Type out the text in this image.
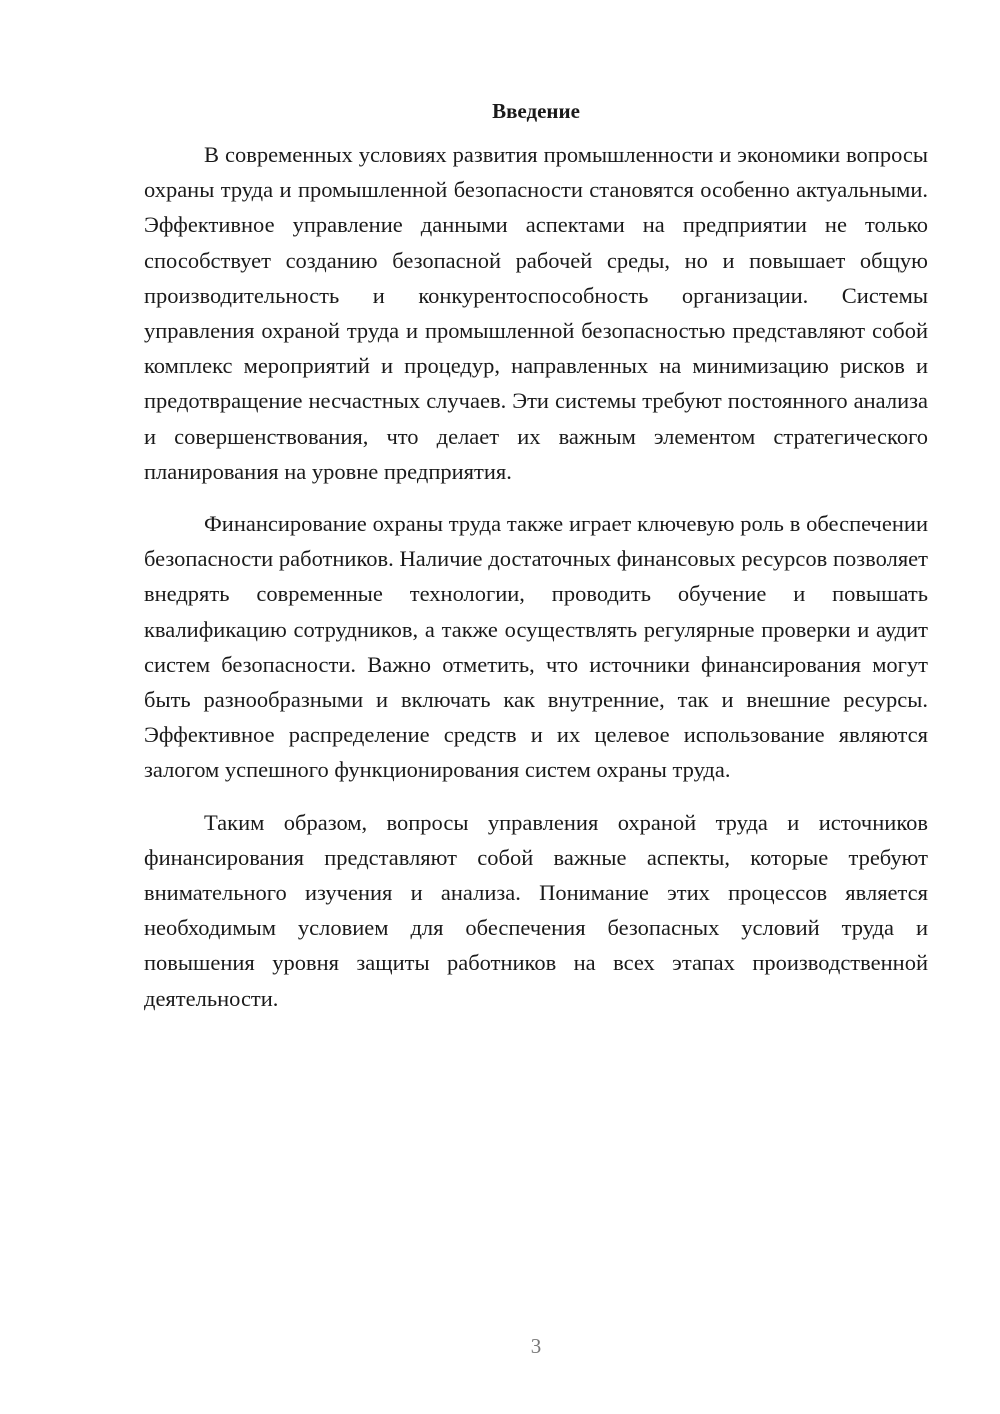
Введение

В современных условиях развития промышленности и экономики вопросы охраны труда и промышленной безопасности становятся особенно актуальными. Эффективное управление данными аспектами на предприятии не только способствует созданию безопасной рабочей среды, но и повышает общую производительность и конкурентоспособность организации. Системы управления охраной труда и промышленной безопасностью представляют собой комплекс мероприятий и процедур, направленных на минимизацию рисков и предотвращение несчастных случаев. Эти системы требуют постоянного анализа и совершенствования, что делает их важным элементом стратегического планирования на уровне предприятия.

Финансирование охраны труда также играет ключевую роль в обеспечении безопасности работников. Наличие достаточных финансовых ресурсов позволяет внедрять современные технологии, проводить обучение и повышать квалификацию сотрудников, а также осуществлять регулярные проверки и аудит систем безопасности. Важно отметить, что источники финансирования могут быть разнообразными и включать как внутренние, так и внешние ресурсы. Эффективное распределение средств и их целевое использование являются залогом успешного функционирования систем охраны труда.

Таким образом, вопросы управления охраной труда и источников финансирования представляют собой важные аспекты, которые требуют внимательного изучения и анализа. Понимание этих процессов является необходимым условием для обеспечения безопасных условий труда и повышения уровня защиты работников на всех этапах производственной деятельности.

3
